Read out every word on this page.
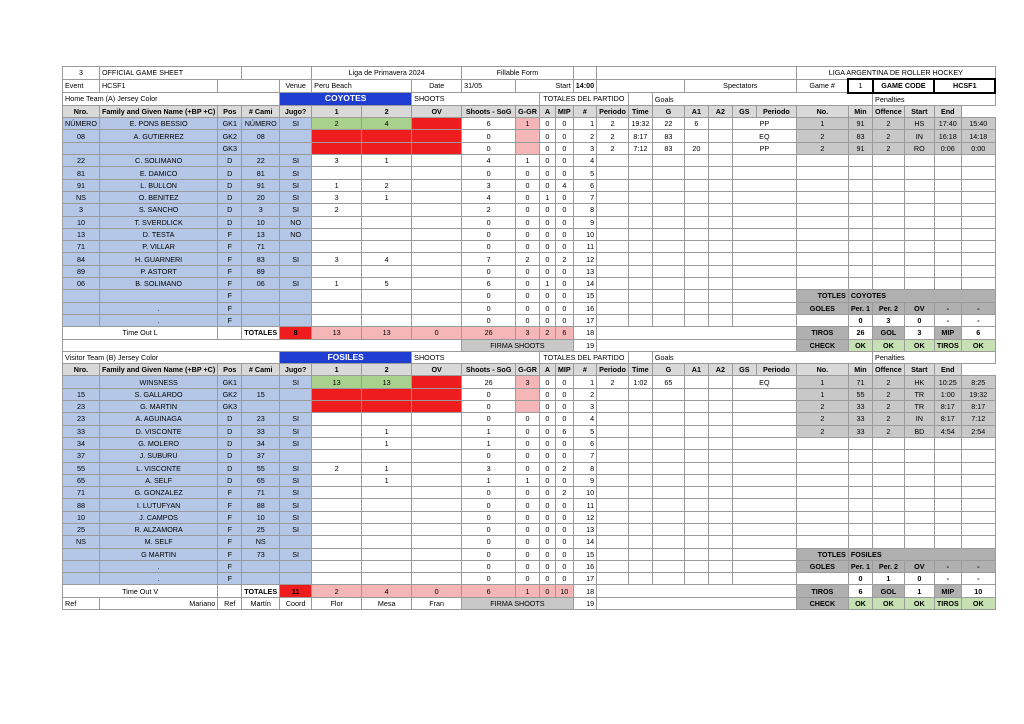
3	OFFICIAL GAME SHEET				Liga de Primavera 2024			Fillable Form												LIGA ARGENTINA DE ROLLER HOCKEY					
Event	HCSF1			Venue	Peru Beach		Date	31/05	Start			14:00				Spectators				Game #	1	GAME CODE		HCSF1	
Home Team (A) Jersey Color				COYOTES			SHOOTS			TOTALES DEL PARTIDO					Goals							Penalties			
Nro.	Family and Given Name (+BP +C)	Pos	# Cami	Jugo?	1	2	OV	Shoots - SoG	G-GR	A	MIP	#	Periodo	Time	G	A1	A2	GS	Periodo	No.	Min	Offence	Start	End	
NÚMERO	E. PONS BESSIO	GK1	NÚMERO	SI	2	4		6	1	0	0	1	2	19:32	22	6		PP		1	91	2	HS	17:40	15:40
08	A. GUTIERREZ	GK2	08					0		0	0	2	2	8:17	83			EQ		2	83	2	IN	16:18	14:18
		GK3						0		0	0	3	2	7:12	83	20		PP		2	91	2	RO	0:06	0:00
22	C. SOLIMANO	D	22	SI	3	1		4	1	0	0	4													
81	E. DAMICO	D	81	SI				0	0	0	0	5													
91	L. BULLON	D	91	SI	1	2		3	0	0	4	6													
NS	O. BENITEZ	D	20	SI	3	1		4	0	1	0	7													
3	S. SANCHO	D	3	SI	2			2	0	0	0	8													
10	T. SVERDLICK	D	10	NO				0	0	0	0	9													
13	D. TESTA	F	13	NO				0	0	0	0	10													
71	P. VILLAR	F	71					0	0	0	0	11													
84	H. GUARNERI	F	83	SI	3	4		7	2	0	2	12													
89	P. ASTORT	F	89					0	0	0	0	13													
06	B. SOLIMANO	F	06	SI	1	5		6	0	1	0	14													
		F						0	0	0	0	15								TOTLES	COYOTES				
	.	F						0	0	0	0	16								GOLES	Per. 1	Per. 2	OV	-	-
	.	F						0	0	0	0	17									0	3	0	-	-
Time Out L			TOTALES	8	13	13	0	26	3	2	6	18								TIROS	26	GOL	3	MIP	6
								FIRMA SHOOTS				19								CHECK	OK	OK	OK	TIROS	OK
Visitor Team (B) Jersey Color				FOSILES			SHOOTS			TOTALES DEL PARTIDO					Goals							Penalties			
Nro.	Family and Given Name (+BP +C)	Pos	# Cami	Jugo?	1	2	OV	Shoots - SoG	G-GR	A	MIP	#	Periodo	Time	G	A1	A2	GS	Periodo	No.	Min	Offence	Start	End	
	WINSNESS	GK1		SI	13	13		26	3	0	0	1	2	1:02	65			EQ		1	71	2	HK	10:25	8:25
15	S. GALLARDO	GK2	15					0		0	0	2								1	55	2	TR	1:00	19:32
23	G. MARTIN	GK3						0		0	0	3								2	33	2	TR	8:17	8:17
23	A. AGUINAGA	D	23	SI				0	0	0	0	4								2	33	2	IN	8:17	7:12
33	D. VISCONTE	D	33	SI		1		1	0	0	6	5								2	33	2	BD	4:54	2:54
34	G. MOLERO	D	34	SI		1		1	0	0	0	6													
37	J. SUBURU	D	37					0	0	0	0	7													
55	L. VISCONTE	D	55	SI	2	1		3	0	0	2	8													
65	A. SELF	D	65	SI		1		1	1	0	0	9													
71	G. GONZALEZ	F	71	SI				0	0	0	2	10													
88	I. LUTUFYAN	F	88	SI				0	0	0	0	11													
10	J. CAMPOS	F	10	SI				0	0	0	0	12													
25	R. ALZAMORA	F	25	SI				0	0	0	0	13													
NS	M. SELF	F	NS					0	0	0	0	14													
	G MARTIN	F	73	SI				0	0	0	0	15								TOTLES	FOSILES				
	.	F						0	0	0	0	16								GOLES	Per. 1	Per. 2	OV	-	-
	.	F						0	0	0	0	17									0	1	0	-	-
Time Out V			TOTALES	11	2	4	0	6	1	0	10	18								TIROS	6	GOL	1	MIP	10
Ref	Mariano	Ref	Martín	Coord	Flor	Mesa	Fran	FIRMA SHOOTS				19								CHECK	OK	OK	OK	TIROS	OK
